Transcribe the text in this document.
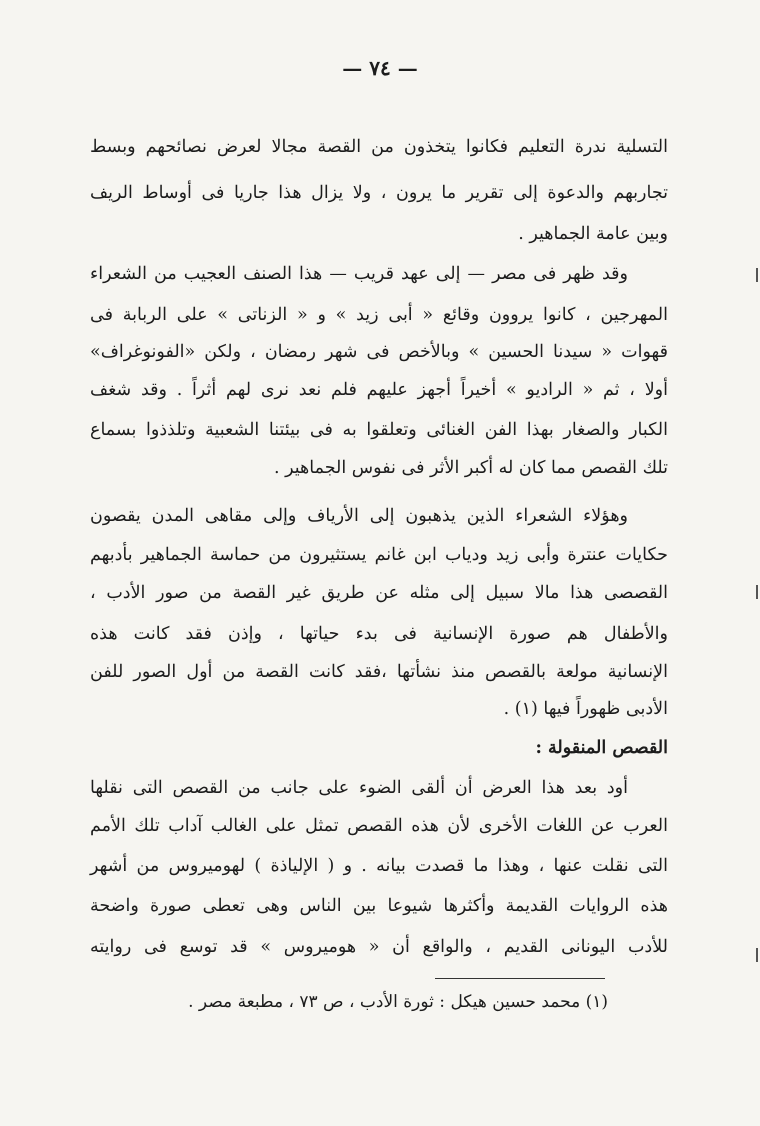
— ٧٤ —
التسلية ندرة التعليم فكانوا يتخذون من القصة مجالا لعرض نصائحهم وبسط
تجاربهم والدعوة إلى تقرير ما يرون ، ولا يزال هذا جاريا فى أوساط الريف
وبين عامة الجماهير .
وقد ظهر فى مصر — إلى عهد قريب — هذا الصنف العجيب من الشعراء
المهرجين ، كانوا يروون وقائع « أبى زيد » و « الزناتى » على الربابة فى
قهوات « سيدنا الحسين » وبالأخص فى شهر رمضان ، ولكن «الفونوغراف»
أولا ، ثم « الراديو » أخيراً أجهز عليهم فلم نعد نرى لهم أثراً . وقد شغف
الكبار والصغار بهذا الفن الغنائى وتعلقوا به فى بيئتنا الشعبية وتلذذوا بسماع
تلك القصص مما كان له أكبر الأثر فى نفوس الجماهير .
وهؤلاء الشعراء الذين يذهبون إلى الأرياف وإلى مقاهى المدن يقصون
حكايات عنترة وأبى زيد ودياب ابن غانم يستثيرون من حماسة الجماهير بأدبهم
القصصى هذا مالا سبيل إلى مثله عن طريق غير القصة من صور الأدب ،
والأطفال هم صورة الإنسانية فى بدء حياتها ، وإذن فقد كانت هذه
الإنسانية مولعة بالقصص منذ نشأتها ،فقد كانت القصة من أول الصور للفن
الأدبى ظهوراً فيها (١) .
القصص المنقولة :
أود بعد هذا العرض أن ألقى الضوء على جانب من القصص التى نقلها
العرب عن اللغات الأخرى لأن هذه القصص تمثل على الغالب آداب تلك الأمم
التى نقلت عنها ، وهذا ما قصدت بيانه . و ( الإلياذة ) لهوميروس من أشهر
هذه الروايات القديمة وأكثرها شيوعا بين الناس وهى تعطى صورة واضحة
للأدب اليونانى القديم ، والواقع أن « هوميروس » قد توسع فى روايته
(١) محمد حسين هيكل : ثورة الأدب ، ص ٧٣ ، مطبعة مصر .
